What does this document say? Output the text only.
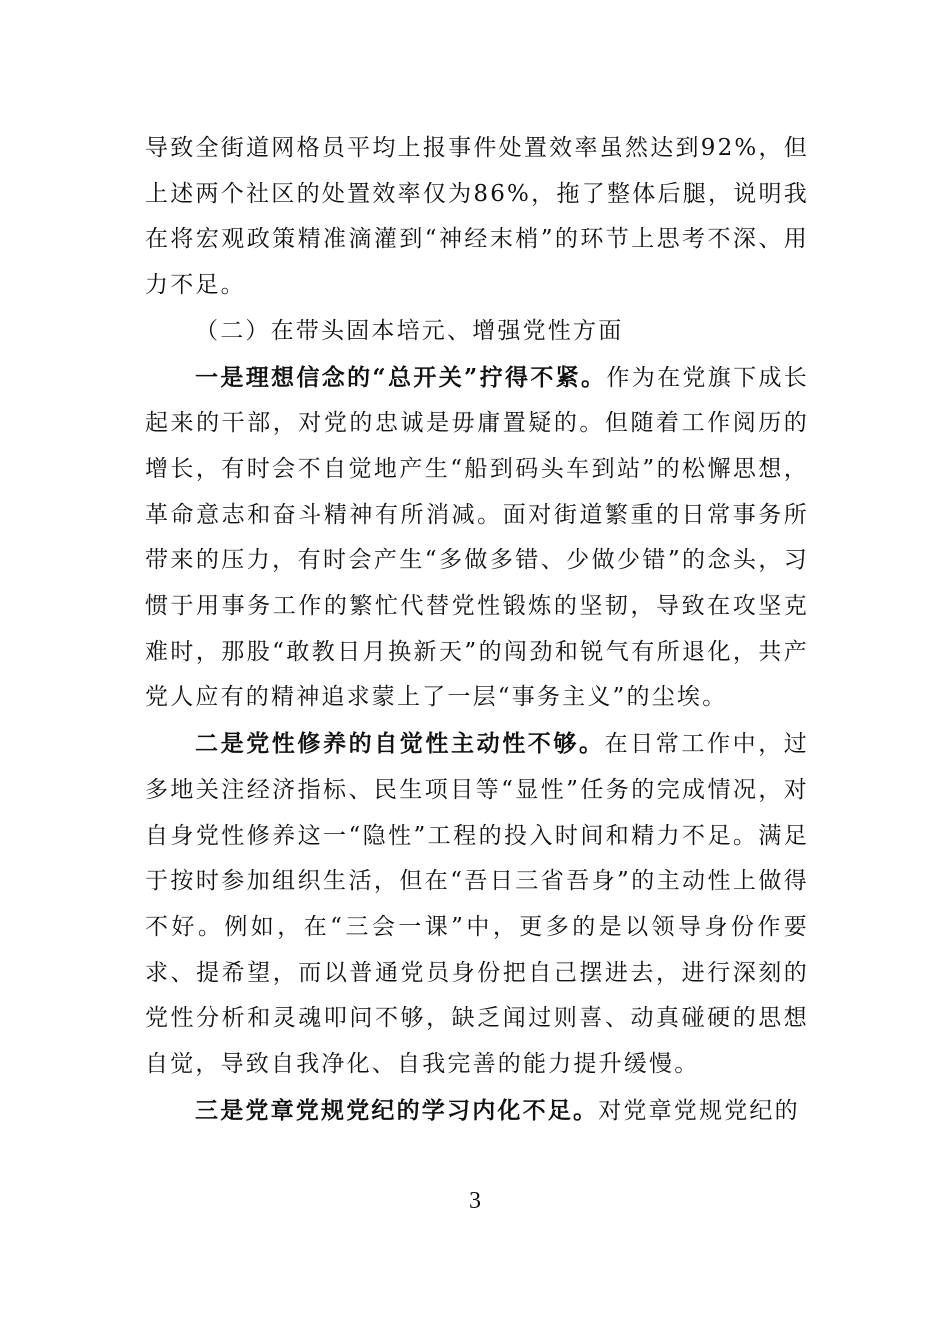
导致全街道网格员平均上报事件处置效率虽然达到92%，但上述两个社区的处置效率仅为86%，拖了整体后腿，说明我在将宏观政策精准滴灌到“神经末梢”的环节上思考不深、用力不足。

（二）在带头固本培元、增强党性方面

一是理想信念的“总开关”拧得不紧。作为在党旗下成长起来的干部，对党的忠诚是毋庸置疑的。但随着工作阅历的增长，有时会不自觉地产生“船到码头车到站”的松懈思想，革命意志和奋斗精神有所消减。面对街道繁重的日常事务所带来的压力，有时会产生“多做多错、少做少错”的念头，习惯于用事务工作的繁忙代替党性锻炼的坚韧，导致在攻坚克难时，那股“敢教日月换新天”的闯劲和锐气有所退化，共产党人应有的精神追求蒙上了一层“事务主义”的尘埃。

二是党性修养的自觉性主动性不够。在日常工作中，过多地关注经济指标、民生项目等“显性”任务的完成情况，对自身党性修养这一“隐性”工程的投入时间和精力不足。满足于按时参加组织生活，但在“吾日三省吾身”的主动性上做得不好。例如，在“三会一课”中，更多的是以领导身份作要求、提希望，而以普通党员身份把自己摆进去，进行深刻的党性分析和灵魂叩问不够，缺乏闻过则喜、动真碰硬的思想自觉，导致自我净化、自我完善的能力提升缓慢。

三是党章党规党纪的学习内化不足。对党章党规党纪的

3
